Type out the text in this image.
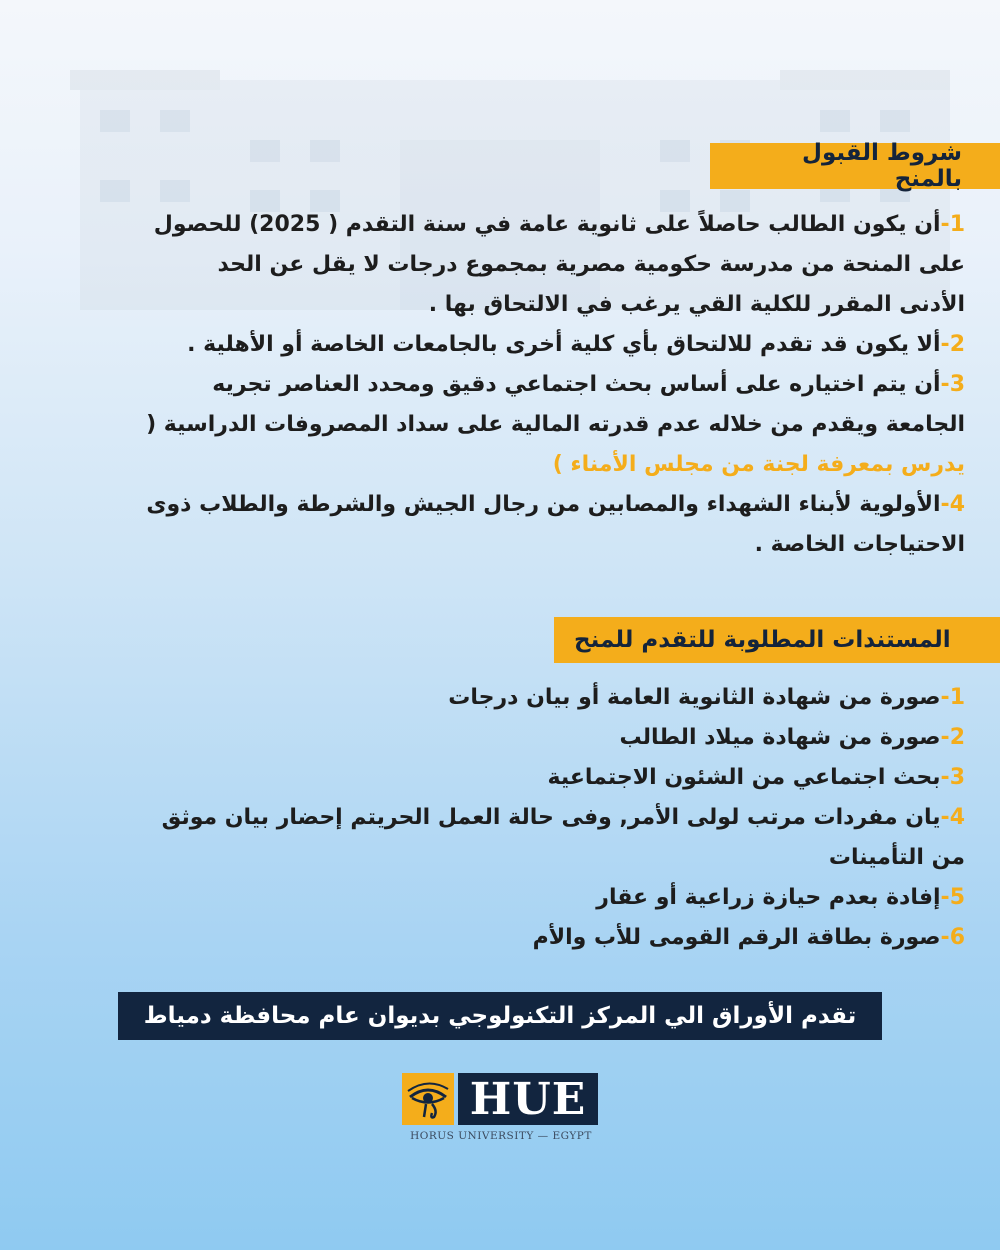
شروط القبول بالمنح

1-أن يكون الطالب حاصلاً على ثانوية عامة في سنة التقدم ( 2025) للحصول على المنحة من مدرسة حكومية مصرية بمجموع درجات لا يقل عن الحد الأدنى المقرر للكلية القي يرغب في الالتحاق بها .

2-ألا يكون قد تقدم للالتحاق بأي كلية أخرى بالجامعات الخاصة أو الأهلية .

3-أن يتم اختياره على أساس بحث اجتماعي دقيق ومحدد العناصر تجريه الجامعة ويقدم من خلاله عدم قدرته المالية على سداد المصروفات الدراسية ( يدرس بمعرفة لجنة من مجلس الأمناء )

4-الأولوية لأبناء الشهداء والمصابين من رجال الجيش والشرطة والطلاب ذوى الاحتياجات الخاصة .

المستندات المطلوبة للتقدم للمنح

1-صورة من شهادة الثانوية العامة أو بيان درجات

2-صورة من شهادة ميلاد الطالب

3-بحث اجتماعي من الشئون الاجتماعية

4-يان مفردات مرتب لولى الأمر, وفى حالة العمل الحريتم إحضار بيان موثق من التأمينات

5-إفادة بعدم حيازة زراعية أو عقار

6-صورة بطاقة الرقم القومى للأب والأم

تقدم الأوراق الي المركز التكنولوجي بديوان عام محافظة دمياط
HUE
HORUS UNIVERSITY — EGYPT
